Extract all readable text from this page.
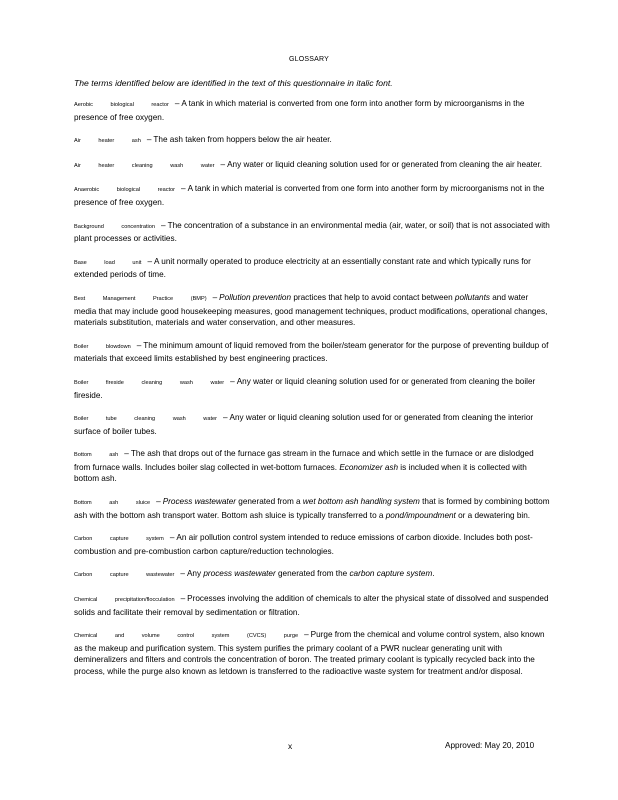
GLOSSARY
The terms identified below are identified in the text of this questionnaire in italic font.
Aerobic biological reactor – A tank in which material is converted from one form into another form by microorganisms in the presence of free oxygen.
Air heater ash – The ash taken from hoppers below the air heater.
Air heater cleaning wash water – Any water or liquid cleaning solution used for or generated from cleaning the air heater.
Anaerobic biological reactor – A tank in which material is converted from one form into another form by microorganisms not in the presence of free oxygen.
Background concentration – The concentration of a substance in an environmental media (air, water, or soil) that is not associated with plant processes or activities.
Base load unit – A unit normally operated to produce electricity at an essentially constant rate and which typically runs for extended periods of time.
Best Management Practice (BMP) – Pollution prevention practices that help to avoid contact between pollutants and water media that may include good housekeeping measures, good management techniques, product modifications, operational changes, materials substitution, materials and water conservation, and other measures.
Boiler blowdown – The minimum amount of liquid removed from the boiler/steam generator for the purpose of preventing buildup of materials that exceed limits established by best engineering practices.
Boiler fireside cleaning wash water – Any water or liquid cleaning solution used for or generated from cleaning the boiler fireside.
Boiler tube cleaning wash water – Any water or liquid cleaning solution used for or generated from cleaning the interior surface of boiler tubes.
Bottom ash – The ash that drops out of the furnace gas stream in the furnace and which settle in the furnace or are dislodged from furnace walls. Includes boiler slag collected in wet-bottom furnaces. Economizer ash is included when it is collected with bottom ash.
Bottom ash sluice – Process wastewater generated from a wet bottom ash handling system that is formed by combining bottom ash with the bottom ash transport water. Bottom ash sluice is typically transferred to a pond/impoundment or a dewatering bin.
Carbon capture system – An air pollution control system intended to reduce emissions of carbon dioxide. Includes both post-combustion and pre-combustion carbon capture/reduction technologies.
Carbon capture wastewater – Any process wastewater generated from the carbon capture system.
Chemical precipitation/flocculation – Processes involving the addition of chemicals to alter the physical state of dissolved and suspended solids and facilitate their removal by sedimentation or filtration.
Chemical and volume control system (CVCS) purge – Purge from the chemical and volume control system, also known as the makeup and purification system. This system purifies the primary coolant of a PWR nuclear generating unit with demineralizers and filters and controls the concentration of boron. The treated primary coolant is typically recycled back into the process, while the purge also known as letdown is transferred to the radioactive waste system for treatment and/or disposal.
x	Approved: May 20, 2010
